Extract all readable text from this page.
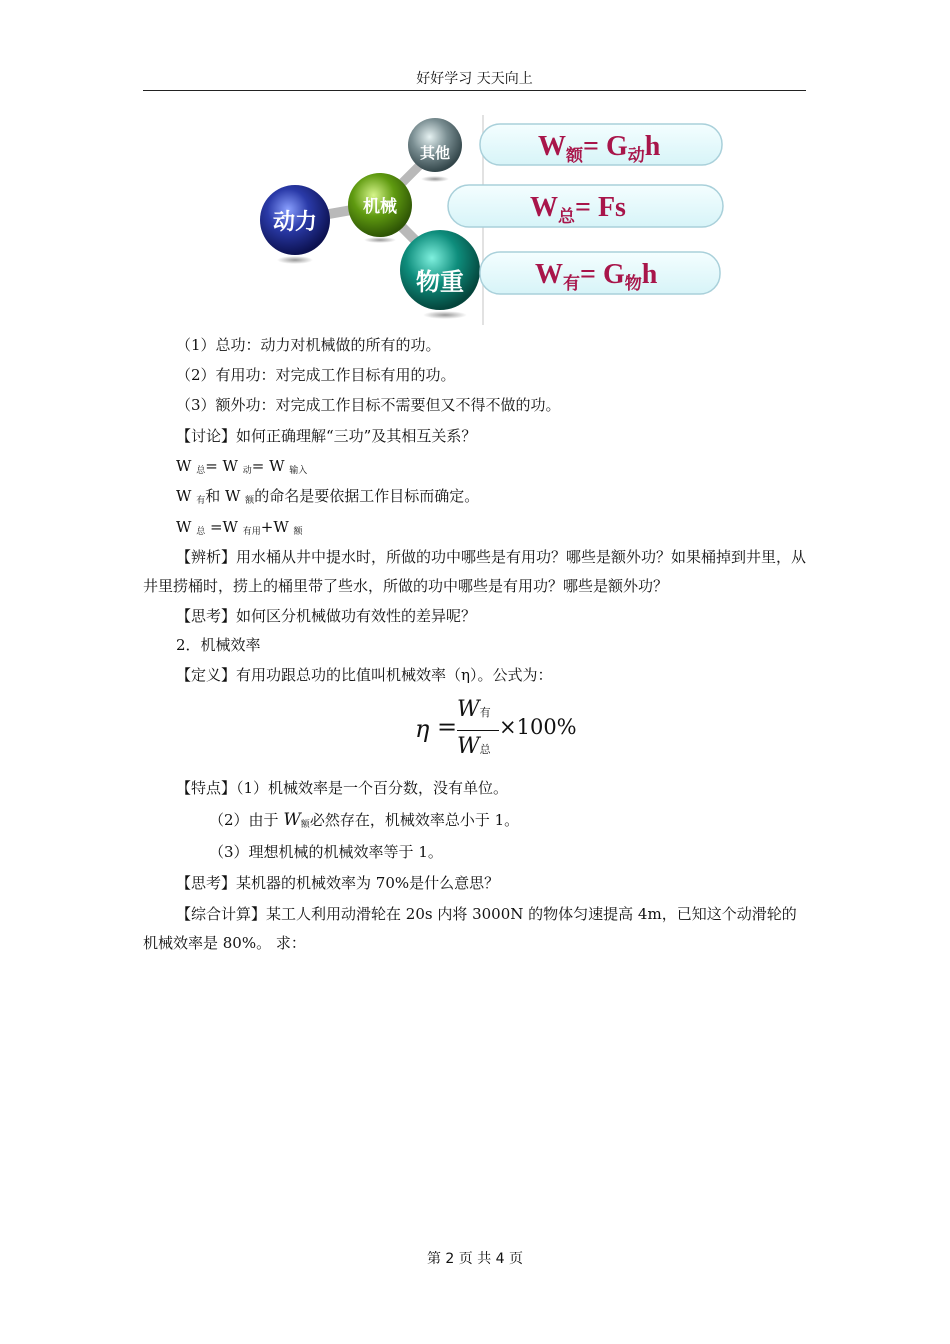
好好学习 天天向上
动力
机械
其他
物重
$W_额= G_动h$
$W_总= Fs$
$W_有= G_物h$
（1）总功：动力对机械做的所有的功。
（2）有用功：对完成工作目标有用的功。
（3）额外功：对完成工作目标不需要但又不得不做的功。
【讨论】如何正确理解“三功”及其相互关系？
W 总= W 动= W 输入
W 有和 W 额的命名是要依据工作目标而确定。
W 总 =W 有用+W 额
【辨析】用水桶从井中提水时，所做的功中哪些是有用功？哪些是额外功？如果桶掉到井里，从井里捞桶时，捞上的桶里带了些水，所做的功中哪些是有用功？哪些是额外功？
【思考】如何区分机械做功有效性的差异呢？
2．机械效率
【定义】有用功跟总功的比值叫机械效率（η）。公式为：
η =
W有
W总
×100%
【特点】（1）机械效率是一个百分数，没有单位。
（2）由于 W额必然存在，机械效率总小于 1。
（3）理想机械的机械效率等于 1。
【思考】某机器的机械效率为 70%是什么意思？
【综合计算】某工人利用动滑轮在 20s 内将 3000N 的物体匀速提高 4m，已知这个动滑轮的机械效率是 80%。 求：
第 2 页 共 4 页
